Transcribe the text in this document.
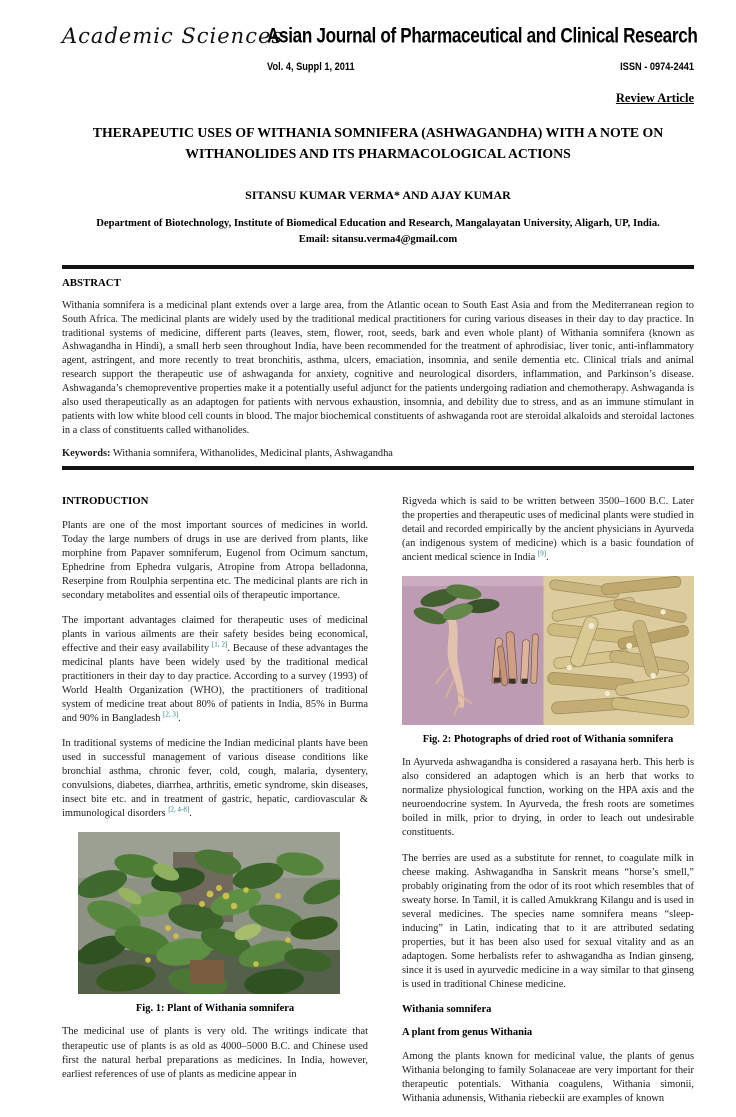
Academic Sciences
Asian Journal of Pharmaceutical and Clinical Research
Vol. 4, Suppl 1, 2011	ISSN - 0974-2441
Review Article
THERAPEUTIC USES OF WITHANIA SOMNIFERA (ASHWAGANDHA) WITH A NOTE ON WITHANOLIDES AND ITS PHARMACOLOGICAL ACTIONS
SITANSU KUMAR VERMA* AND AJAY KUMAR
Department of Biotechnology, Institute of Biomedical Education and Research, Mangalayatan University, Aligarh, UP, India.
Email: sitansu.verma4@gmail.com
ABSTRACT

Withania somnifera is a medicinal plant extends over a large area, from the Atlantic ocean to South East Asia and from the Mediterranean region to South Africa. The medicinal plants are widely used by the traditional medical practitioners for curing various diseases in their day to day practice. In traditional systems of medicine, different parts (leaves, stem, flower, root, seeds, bark and even whole plant) of Withania somnifera (known as Ashwagandha in Hindi), a small herb seen throughout India, have been recommended for the treatment of aphrodisiac, liver tonic, anti-inflammatory agent, astringent, and more recently to treat bronchitis, asthma, ulcers, emaciation, insomnia, and senile dementia etc. Clinical trials and animal research support the therapeutic use of ashwaganda for anxiety, cognitive and neurological disorders, inflammation, and Parkinson’s disease. Ashwaganda’s chemopreventive properties make it a potentially useful adjunct for the patients undergoing radiation and chemotherapy. Ashwaganda is also used therapeutically as an adaptogen for patients with nervous exhaustion, insomnia, and debility due to stress, and as an immune stimulant in patients with low white blood cell counts in blood. The major biochemical constituents of ashwaganda root are steroidal alkaloids and steroidal lactones in a class of constituents called withanolides.

Keywords: Withania somnifera, Withanolides, Medicinal plants, Ashwagandha

INTRODUCTION

Plants are one of the most important sources of medicines in world. Today the large numbers of drugs in use are derived from plants, like morphine from Papaver somniferum, Eugenol from Ocimum sanctum, Ephedrine from Ephedra vulgaris, Atropine from Atropa belladonna, Reserpine from Roulphia serpentina etc. The medicinal plants are rich in secondary metabolites and essential oils of therapeutic importance.

The important advantages claimed for therapeutic uses of medicinal plants in various ailments are their safety besides being economical, effective and their easy availability [1, 2]. Because of these advantages the medicinal plants have been widely used by the traditional medical practitioners in their day to day practice. According to a survey (1993) of World Health Organization (WHO), the practitioners of traditional system of medicine treat about 80% of patients in India, 85% in Burma and 90% in Bangladesh [2, 3].

In traditional systems of medicine the Indian medicinal plants have been used in successful management of various disease conditions like bronchial asthma, chronic fever, cold, cough, malaria, dysentery, convulsions, diabetes, diarrhea, arthritis, emetic syndrome, skin diseases, insect bite etc. and in treatment of gastric, hepatic, cardiovascular & immunological disorders [2, 4-8].

Fig. 1: Plant of Withania somnifera

The medicinal use of plants is very old. The writings indicate that therapeutic use of plants is as old as 4000–5000 B.C. and Chinese used first the natural herbal preparations as medicines. In India, however, earliest references of use of plants as medicine appear in

Rigveda which is said to be written between 3500–1600 B.C. Later the properties and therapeutic uses of medicinal plants were studied in detail and recorded empirically by the ancient physicians in Ayurveda (an indigenous system of medicine) which is a basic foundation of ancient medical science in India [9].

Fig. 2: Photographs of dried root of Withania somnifera

In Ayurveda ashwagandha is considered a rasayana herb. This herb is also considered an adaptogen which is an herb that works to normalize physiological function, working on the HPA axis and the neuroendocrine system. In Ayurveda, the fresh roots are sometimes boiled in milk, prior to drying, in order to leach out undesirable constituents.

The berries are used as a substitute for rennet, to coagulate milk in cheese making. Ashwagandha in Sanskrit means “horse’s smell,” probably originating from the odor of its root which resembles that of sweaty horse. In Tamil, it is called Amukkrang Kilangu and is used in several medicines. The species name somnifera means “sleep-inducing” in Latin, indicating that to it are attributed sedating properties, but it has been also used for sexual vitality and as an adaptogen. Some herbalists refer to ashwagandha as Indian ginseng, since it is used in ayurvedic medicine in a way similar to that ginseng is used in traditional Chinese medicine.

Withania somnifera
A plant from genus Withania

Among the plants known for medicinal value, the plants of genus Withania belonging to family Solanaceae are very important for their therapeutic potentials. Withania coagulens, Withania simonii, Withania adunensis, Withania riebeckii are examples of known
